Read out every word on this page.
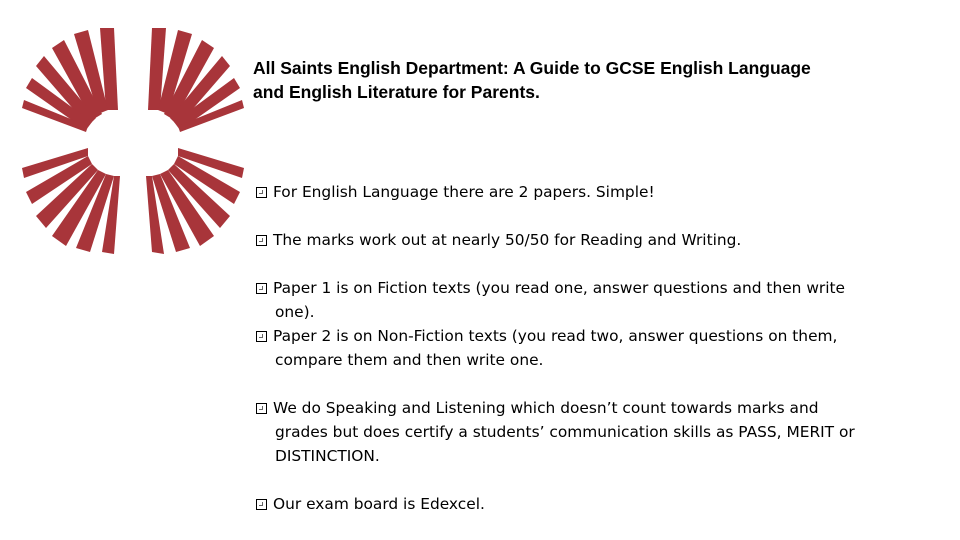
All Saints English Department: A Guide to GCSE English Language
and English Literature for Parents.
For English Language there are 2 papers. Simple!
The marks work out at nearly 50/50 for Reading and Writing.
Paper 1 is on Fiction texts (you read one, answer questions and then write
one).
Paper 2 is on Non-Fiction texts (you read two, answer questions on them,
compare them and then write one.
We do Speaking and Listening which doesn’t count towards marks and
grades but does certify a students’ communication skills as PASS, MERIT or
DISTINCTION.
Our exam board is Edexcel.
